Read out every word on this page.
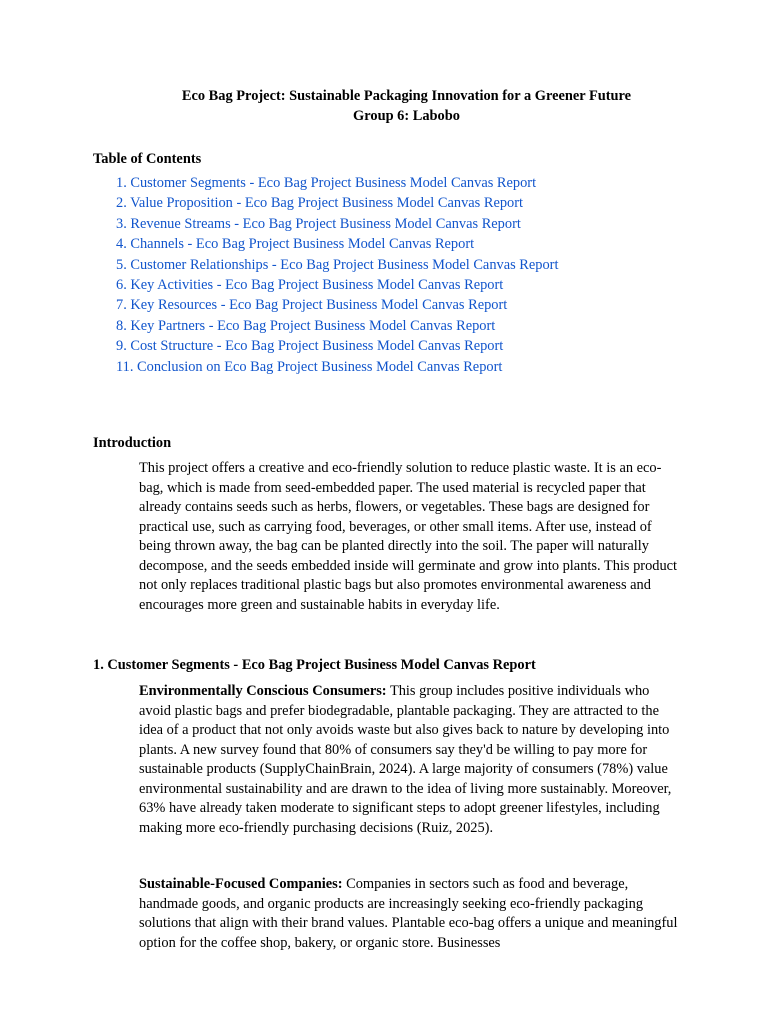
Eco Bag Project: Sustainable Packaging Innovation for a Greener Future
Group 6: Labobo
Table of Contents
1. Customer Segments - Eco Bag Project Business Model Canvas Report
2. Value Proposition - Eco Bag Project Business Model Canvas Report
3. Revenue Streams - Eco Bag Project Business Model Canvas Report
4. Channels - Eco Bag Project Business Model Canvas Report
5. Customer Relationships - Eco Bag Project Business Model Canvas Report
6. Key Activities - Eco Bag Project Business Model Canvas Report
7. Key Resources - Eco Bag Project Business Model Canvas Report
8. Key Partners - Eco Bag Project Business Model Canvas Report
9. Cost Structure - Eco Bag Project Business Model Canvas Report
11. Conclusion on Eco Bag Project Business Model Canvas Report
Introduction
This project offers a creative and eco-friendly solution to reduce plastic waste. It is an eco-bag, which is made from seed-embedded paper. The used material is recycled paper that already contains seeds such as herbs, flowers, or vegetables. These bags are designed for practical use, such as carrying food, beverages, or other small items. After use, instead of being thrown away, the bag can be planted directly into the soil. The paper will naturally decompose, and the seeds embedded inside will germinate and grow into plants. This product not only replaces traditional plastic bags but also promotes environmental awareness and encourages more green and sustainable habits in everyday life.
1. Customer Segments - Eco Bag Project Business Model Canvas Report
Environmentally Conscious Consumers: This group includes positive individuals who avoid plastic bags and prefer biodegradable, plantable packaging. They are attracted to the idea of a product that not only avoids waste but also gives back to nature by developing into plants. A new survey found that 80% of consumers say they'd be willing to pay more for sustainable products (SupplyChainBrain, 2024). A large majority of consumers (78%) value environmental sustainability and are drawn to the idea of living more sustainably. Moreover, 63% have already taken moderate to significant steps to adopt greener lifestyles, including making more eco-friendly purchasing decisions (Ruiz, 2025).
Sustainable-Focused Companies: Companies in sectors such as food and beverage, handmade goods, and organic products are increasingly seeking eco-friendly packaging solutions that align with their brand values. Plantable eco-bag offers a unique and meaningful option for the coffee shop, bakery, or organic store. Businesses
